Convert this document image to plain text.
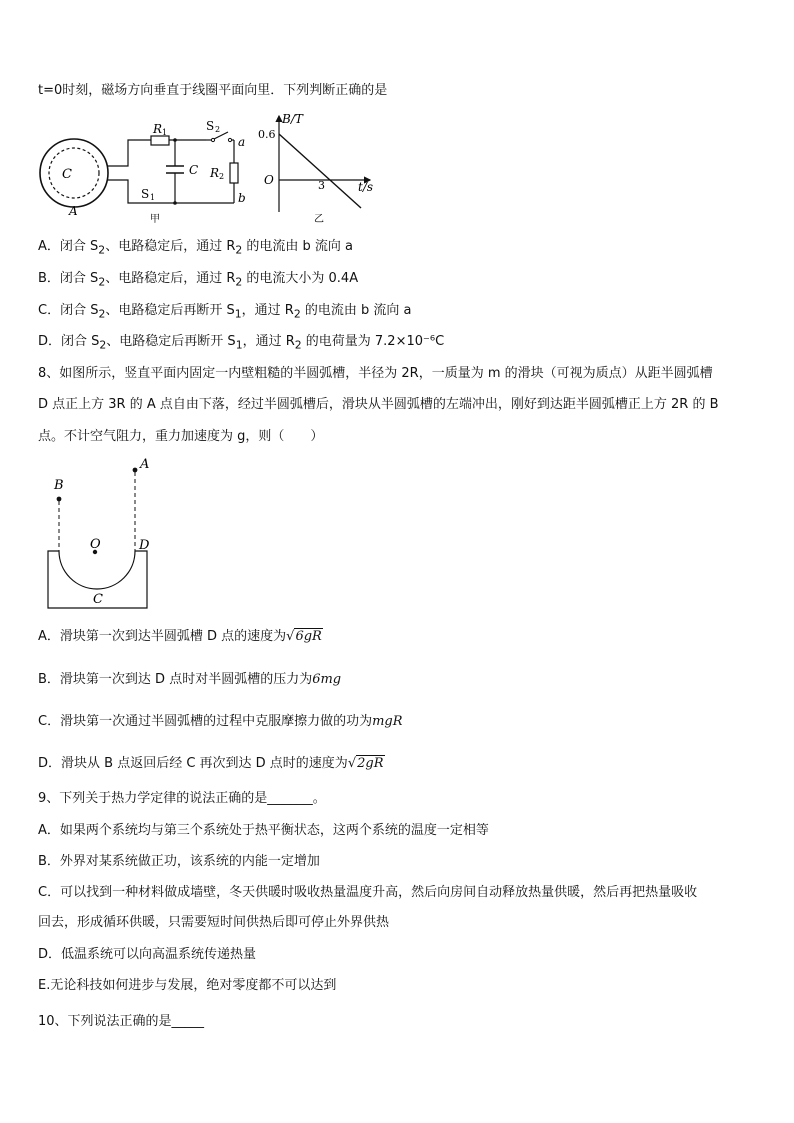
t=0时刻，磁场方向垂直于线圈平面向里．下列判断正确的是
C
A
R 1
C
S 1
S 2
R 2
a
b
甲
B/T
0.6
O	3	t/s
乙
A．闭合 $S_2$、电路稳定后，通过 $R_2$ 的电流由 b 流向 a
B．闭合 $S_2$、电路稳定后，通过 $R_2$ 的电流大小为 0.4A
C．闭合 $S_2$、电路稳定后再断开 $S_1$，通过 $R_2$ 的电流由 b 流向 a
D．闭合 $S_2$、电路稳定后再断开 $S_1$，通过 $R_2$ 的电荷量为 7.2×10⁻⁶C
8、如图所示，竖直平面内固定一内壁粗糙的半圆弧槽，半径为 2R，一质量为 m 的滑块（可视为质点）从距半圆弧槽
D 点正上方 3R 的 A 点自由下落，经过半圆弧槽后，滑块从半圆弧槽的左端冲出，刚好到达距半圆弧槽正上方 2R 的 B
点。不计空气阻力，重力加速度为 g，则（　　）
A
B
O	D
C
A．滑块第一次到达半圆弧槽 D 点的速度为√6gR
B．滑块第一次到达 D 点时对半圆弧槽的压力为6mg
C．滑块第一次通过半圆弧槽的过程中克服摩擦力做的功为mgR
D．滑块从 B 点返回后经 C 再次到达 D 点时的速度为√2gR
9、下列关于热力学定律的说法正确的是_______。
A．如果两个系统均与第三个系统处于热平衡状态，这两个系统的温度一定相等
B．外界对某系统做正功，该系统的内能一定增加
C．可以找到一种材料做成墙壁，冬天供暖时吸收热量温度升高，然后向房间自动释放热量供暖，然后再把热量吸收
回去，形成循环供暖，只需要短时间供热后即可停止外界供热
D．低温系统可以向高温系统传递热量
E.无论科技如何进步与发展，绝对零度都不可以达到
10、下列说法正确的是_____
